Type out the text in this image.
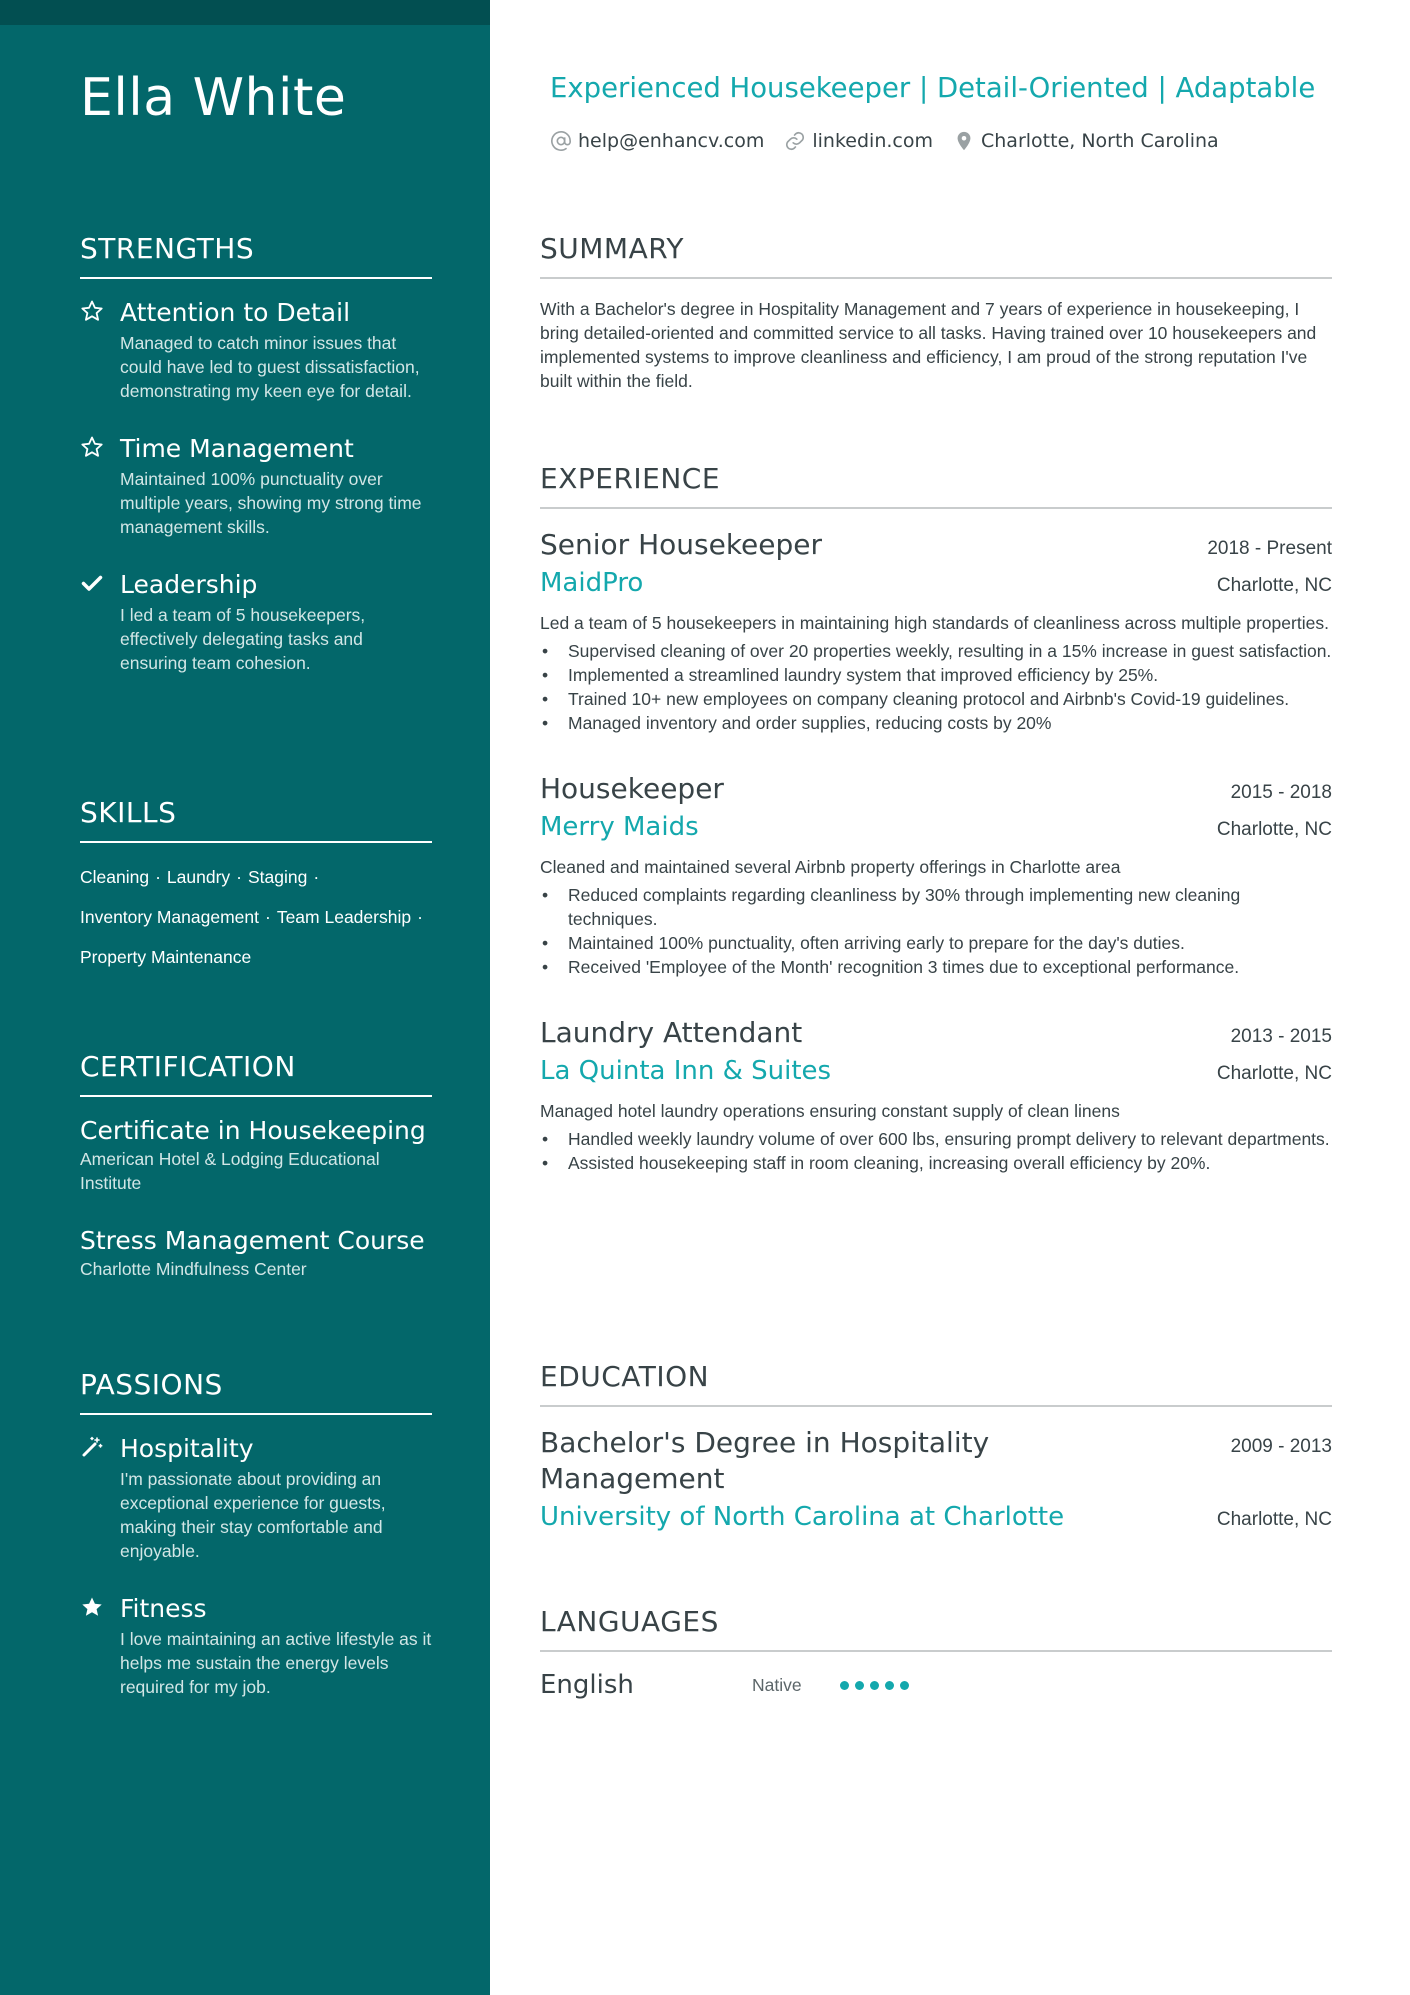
Ella White
STRENGTHS
Attention to Detail
Managed to catch minor issues that could have led to guest dissatisfaction, demonstrating my keen eye for detail.
Time Management
Maintained 100% punctuality over multiple years, showing my strong time management skills.
Leadership
I led a team of 5 housekeepers, effectively delegating tasks and ensuring team cohesion.
SKILLS
Cleaning · Laundry · Staging ·
Inventory Management · Team Leadership ·
Property Maintenance
CERTIFICATION
Certificate in Housekeeping
American Hotel & Lodging Educational Institute
Stress Management Course
Charlotte Mindfulness Center
PASSIONS
Hospitality
I'm passionate about providing an exceptional experience for guests, making their stay comfortable and enjoyable.
Fitness
I love maintaining an active lifestyle as it helps me sustain the energy levels required for my job.
Experienced Housekeeper | Detail-Oriented | Adaptable
help@enhancv.com	linkedin.com	Charlotte, North Carolina
SUMMARY
With a Bachelor's degree in Hospitality Management and 7 years of experience in housekeeping, I bring detailed-oriented and committed service to all tasks. Having trained over 10 housekeepers and implemented systems to improve cleanliness and efficiency, I am proud of the strong reputation I've built within the field.
EXPERIENCE
Senior Housekeeper	2018 - Present
MaidPro	Charlotte, NC
Led a team of 5 housekeepers in maintaining high standards of cleanliness across multiple properties.
• Supervised cleaning of over 20 properties weekly, resulting in a 15% increase in guest satisfaction.
• Implemented a streamlined laundry system that improved efficiency by 25%.
• Trained 10+ new employees on company cleaning protocol and Airbnb's Covid-19 guidelines.
• Managed inventory and order supplies, reducing costs by 20%
Housekeeper	2015 - 2018
Merry Maids	Charlotte, NC
Cleaned and maintained several Airbnb property offerings in Charlotte area
• Reduced complaints regarding cleanliness by 30% through implementing new cleaning techniques.
• Maintained 100% punctuality, often arriving early to prepare for the day's duties.
• Received 'Employee of the Month' recognition 3 times due to exceptional performance.
Laundry Attendant	2013 - 2015
La Quinta Inn & Suites	Charlotte, NC
Managed hotel laundry operations ensuring constant supply of clean linens
• Handled weekly laundry volume of over 600 lbs, ensuring prompt delivery to relevant departments.
• Assisted housekeeping staff in room cleaning, increasing overall efficiency by 20%.
EDUCATION
Bachelor's Degree in Hospitality Management
2009 - 2013
University of North Carolina at Charlotte	Charlotte, NC
LANGUAGES
English	Native
